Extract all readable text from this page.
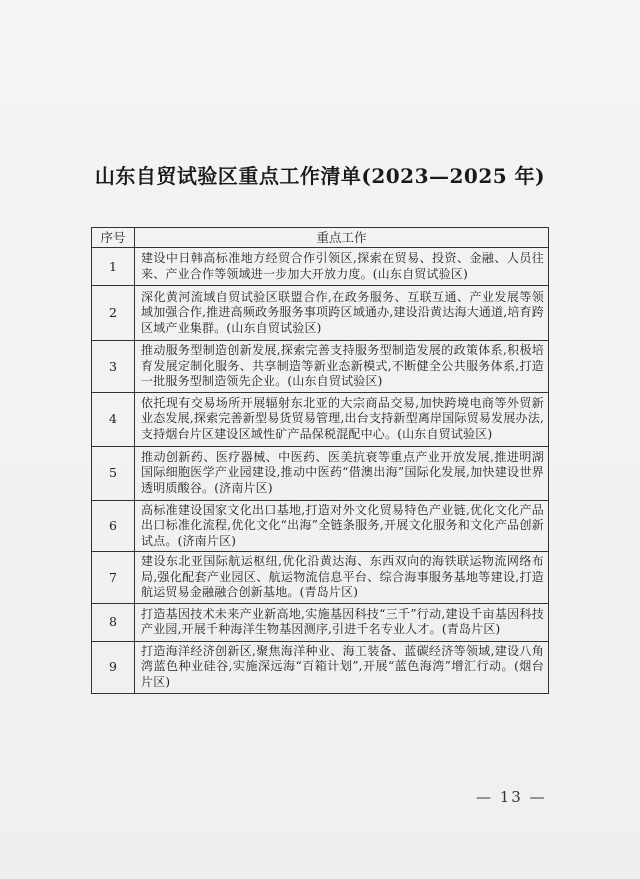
山东自贸试验区重点工作清单(2023—2025 年)
序号	重点工作
1	建设中日韩高标准地方经贸合作引领区,探索在贸易、投资、金融、人员往来、产业合作等领域进一步加大开放力度。(山东自贸试验区)
2	深化黄河流域自贸试验区联盟合作,在政务服务、互联互通、产业发展等领域加强合作,推进高频政务服务事项跨区域通办,建设沿黄达海大通道,培育跨区域产业集群。(山东自贸试验区)
3	推动服务型制造创新发展,探索完善支持服务型制造发展的政策体系,积极培育发展定制化服务、共享制造等新业态新模式,不断健全公共服务体系,打造一批服务型制造领先企业。(山东自贸试验区)
4	依托现有交易场所开展辐射东北亚的大宗商品交易,加快跨境电商等外贸新业态发展,探索完善新型易货贸易管理,出台支持新型离岸国际贸易发展办法,支持烟台片区建设区域性矿产品保税混配中心。(山东自贸试验区)
5	推动创新药、医疗器械、中医药、医美抗衰等重点产业开放发展,推进明湖国际细胞医学产业园建设,推动中医药“借澳出海”国际化发展,加快建设世界透明质酸谷。(济南片区)
6	高标准建设国家文化出口基地,打造对外文化贸易特色产业链,优化文化产品出口标准化流程,优化文化“出海”全链条服务,开展文化服务和文化产品创新试点。(济南片区)
7	建设东北亚国际航运枢纽,优化沿黄达海、东西双向的海铁联运物流网络布局,强化配套产业园区、航运物流信息平台、综合海事服务基地等建设,打造航运贸易金融融合创新基地。(青岛片区)
8	打造基因技术未来产业新高地,实施基因科技“三千”行动,建设千亩基因科技产业园,开展千种海洋生物基因测序,引进千名专业人才。(青岛片区)
9	打造海洋经济创新区,聚焦海洋种业、海工装备、蓝碳经济等领域,建设八角湾蓝色种业硅谷,实施深远海“百箱计划”,开展“蓝色海湾”增汇行动。(烟台片区)
— 13 —
